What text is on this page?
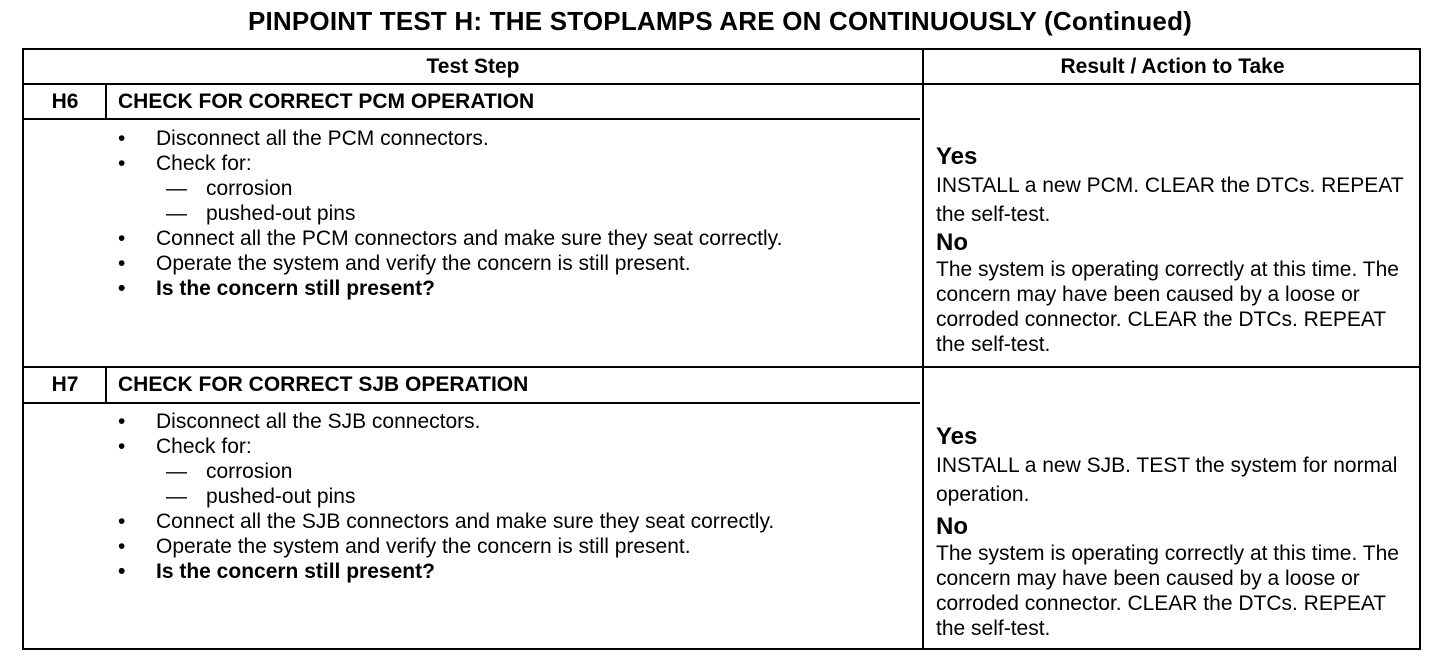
PINPOINT TEST H: THE STOPLAMPS ARE ON CONTINUOUSLY (Continued)
Test Step	Result / Action to Take
H6	CHECK FOR CORRECT PCM OPERATION
• Disconnect all the PCM connectors.
• Check for:
— corrosion
— pushed-out pins
• Connect all the PCM connectors and make sure they seat correctly.
• Operate the system and verify the concern is still present.
• Is the concern still present?
Yes
INSTALL a new PCM. CLEAR the DTCs. REPEAT the self-test.
No
The system is operating correctly at this time. The concern may have been caused by a loose or corroded connector. CLEAR the DTCs. REPEAT the self-test.
H7	CHECK FOR CORRECT SJB OPERATION
• Disconnect all the SJB connectors.
• Check for:
— corrosion
— pushed-out pins
• Connect all the SJB connectors and make sure they seat correctly.
• Operate the system and verify the concern is still present.
• Is the concern still present?
Yes
INSTALL a new SJB. TEST the system for normal operation.
No
The system is operating correctly at this time. The concern may have been caused by a loose or corroded connector. CLEAR the DTCs. REPEAT the self-test.
